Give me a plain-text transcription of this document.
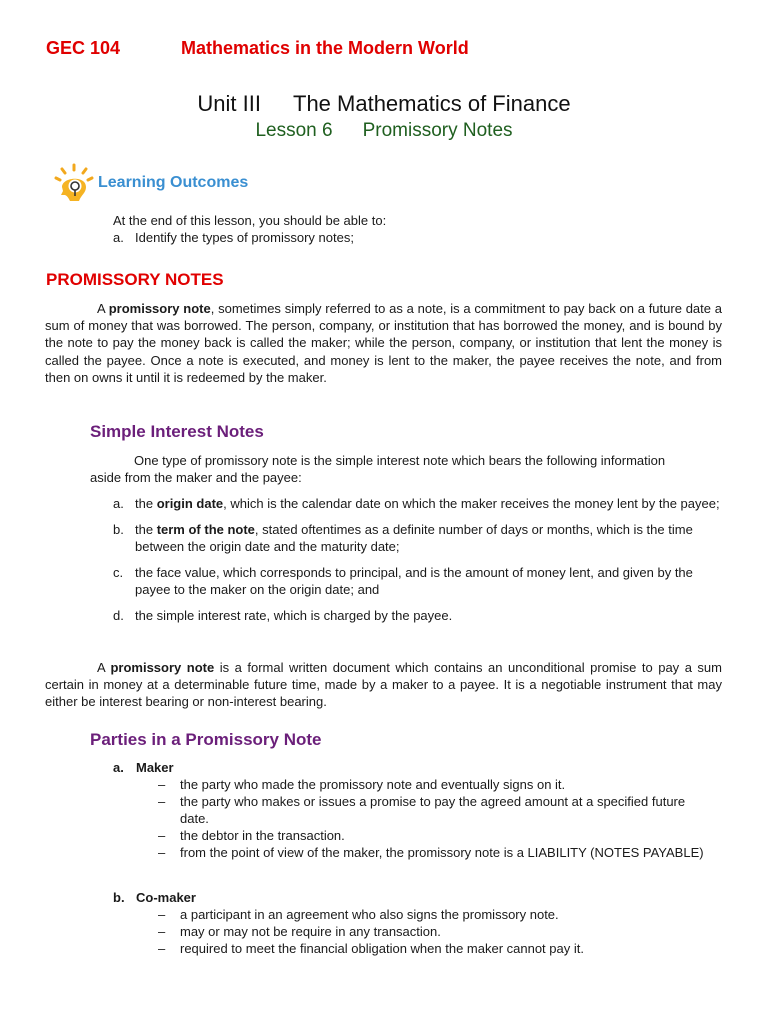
GEC 104	Mathematics in the Modern World
Unit III The Mathematics of Finance
Lesson 6 Promissory Notes
Learning Outcomes
At the end of this lesson, you should be able to:
a. Identify the types of promissory notes;
PROMISSORY NOTES

A promissory note, sometimes simply referred to as a note, is a commitment to pay back on a future date a sum of money that was borrowed. The person, company, or institution that has borrowed the money, and is bound by the note to pay the money back is called the maker; while the person, company, or institution that lent the money is called the payee. Once a note is executed, and money is lent to the maker, the payee receives the note, and from then on owns it until it is redeemed by the maker.

Simple Interest Notes

One type of promissory note is the simple interest note which bears the following information aside from the maker and the payee:

a. the origin date, which is the calendar date on which the maker receives the money lent by the payee;
b. the term of the note, stated oftentimes as a definite number of days or months, which is the time between the origin date and the maturity date;
c. the face value, which corresponds to principal, and is the amount of money lent, and given by the payee to the maker on the origin date; and
d. the simple interest rate, which is charged by the payee.

A promissory note is a formal written document which contains an unconditional promise to pay a sum certain in money at a determinable future time, made by a maker to a payee. It is a negotiable instrument that may either be interest bearing or non-interest bearing.

Parties in a Promissory Note
a. Maker
– the party who made the promissory note and eventually signs on it.
– the party who makes or issues a promise to pay the agreed amount at a specified future date.
– the debtor in the transaction.
– from the point of view of the maker, the promissory note is a LIABILITY (NOTES PAYABLE)
b. Co-maker
– a participant in an agreement who also signs the promissory note.
– may or may not be require in any transaction.
– required to meet the financial obligation when the maker cannot pay it.
